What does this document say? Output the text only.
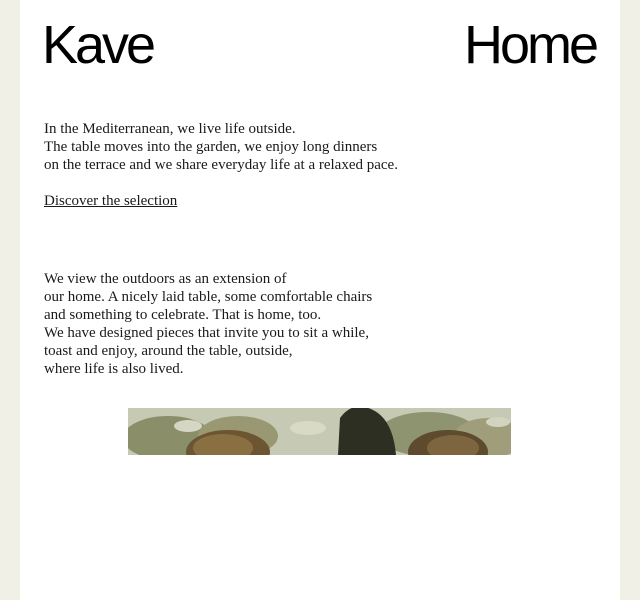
Kave	Home
In the Mediterranean, we live life outside.
The table moves into the garden, we enjoy long dinners
on the terrace and we share everyday life at a relaxed pace.
Discover the selection
We view the outdoors as an extension of
our home. A nicely laid table, some comfortable chairs
and something to celebrate. That is home, too.
We have designed pieces that invite you to sit a while,
toast and enjoy, around the table, outside,
where life is also lived.
